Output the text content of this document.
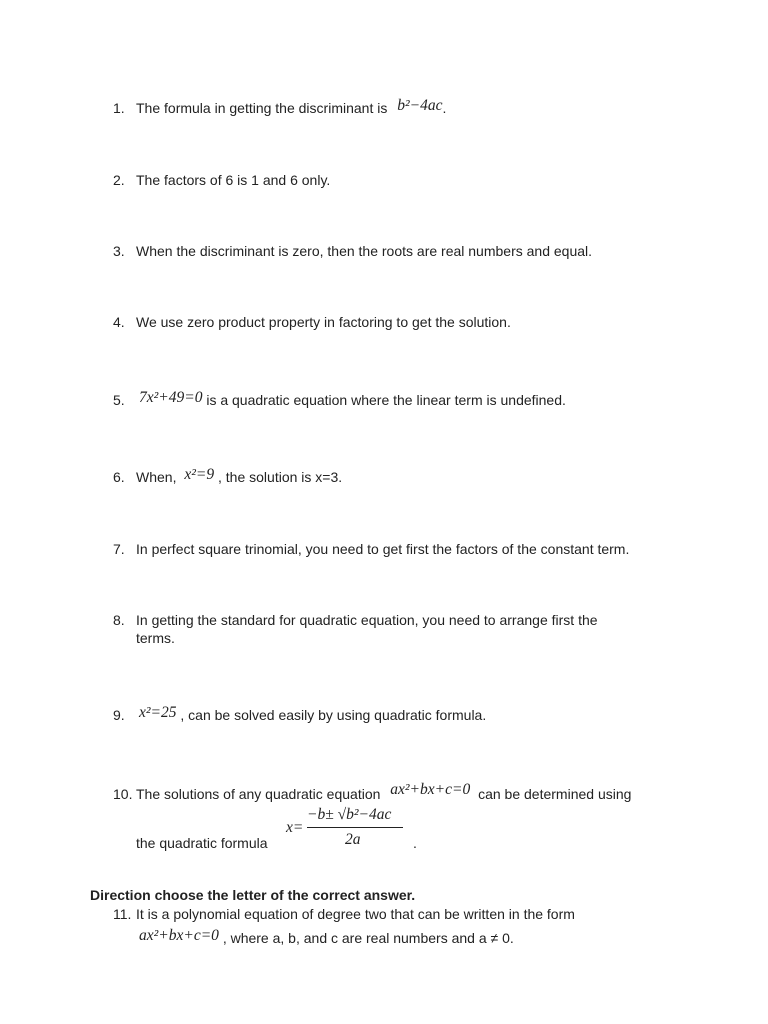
1. The formula in getting the discriminant is b²−4ac.
2. The factors of 6 is 1 and 6 only.
3. When the discriminant is zero, then the roots are real numbers and equal.
4. We use zero product property in factoring to get the solution.
5. 7x²+49=0 is a quadratic equation where the linear term is undefined.
6. When, x²=9 , the solution is x=3.
7. In perfect square trinomial, you need to get first the factors of the constant term.
8. In getting the standard for quadratic equation, you need to arrange first the
terms.
9. x²=25 , can be solved easily by using quadratic formula.
10. The solutions of any quadratic equation ax²+bx+c=0 can be determined using
the quadratic formula
x=
−b± √b²−4ac
2a	.
Direction choose the letter of the correct answer.
11. It is a polynomial equation of degree two that can be written in the form
ax²+bx+c=0 , where a, b, and c are real numbers and a ≠ 0.
